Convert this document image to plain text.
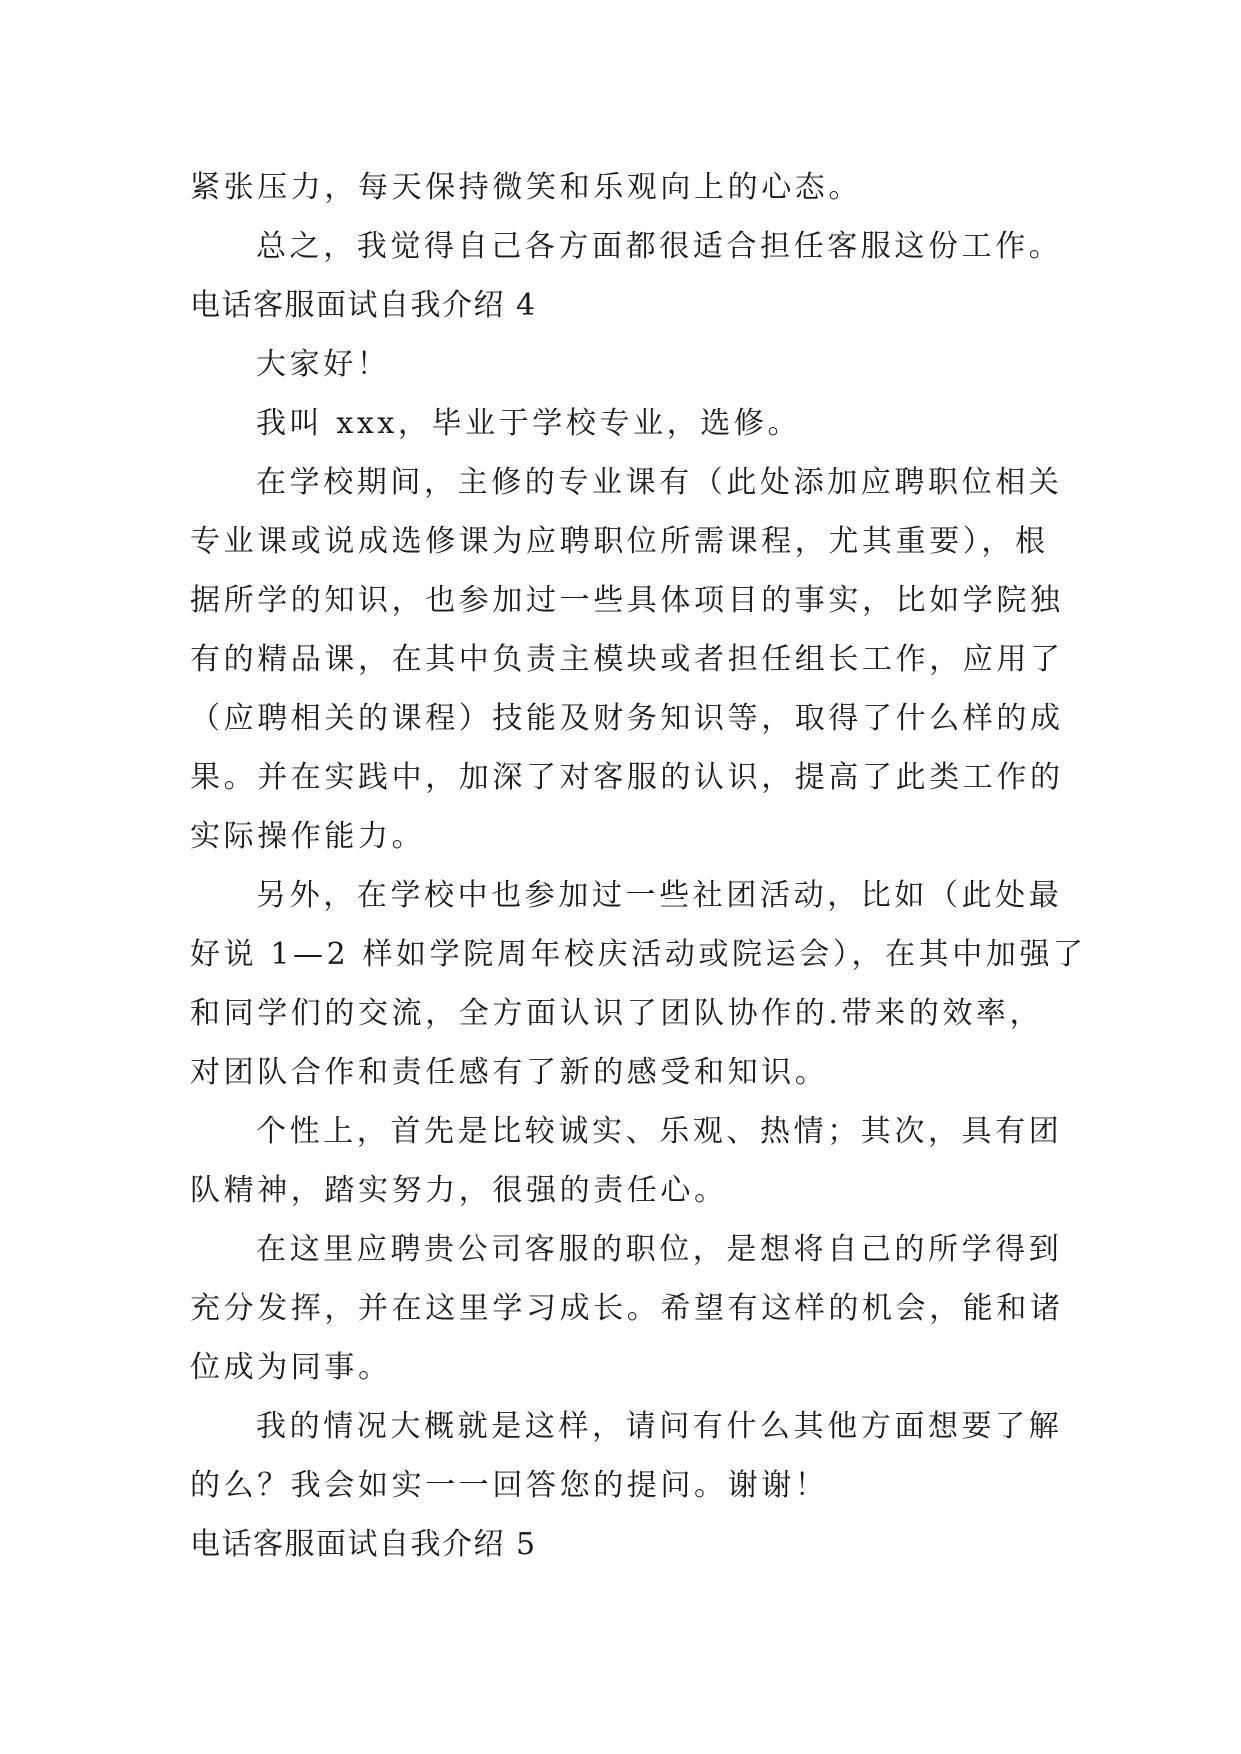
紧张压力，每天保持微笑和乐观向上的心态。
总之，我觉得自己各方面都很适合担任客服这份工作。
电话客服面试自我介绍 4
大家好！
我叫 xxx，毕业于学校专业，选修。
在学校期间，主修的专业课有（此处添加应聘职位相关
专业课或说成选修课为应聘职位所需课程，尤其重要），根
据所学的知识，也参加过一些具体项目的事实，比如学院独
有的精品课，在其中负责主模块或者担任组长工作，应用了
（应聘相关的课程）技能及财务知识等，取得了什么样的成
果。并在实践中，加深了对客服的认识，提高了此类工作的
实际操作能力。
另外，在学校中也参加过一些社团活动，比如（此处最
好说 1—2 样如学院周年校庆活动或院运会），在其中加强了
和同学们的交流，全方面认识了团队协作的.带来的效率，
对团队合作和责任感有了新的感受和知识。
个性上，首先是比较诚实、乐观、热情；其次，具有团
队精神，踏实努力，很强的责任心。
在这里应聘贵公司客服的职位，是想将自己的所学得到
充分发挥，并在这里学习成长。希望有这样的机会，能和诸
位成为同事。
我的情况大概就是这样，请问有什么其他方面想要了解
的么？我会如实一一回答您的提问。谢谢！
电话客服面试自我介绍 5
